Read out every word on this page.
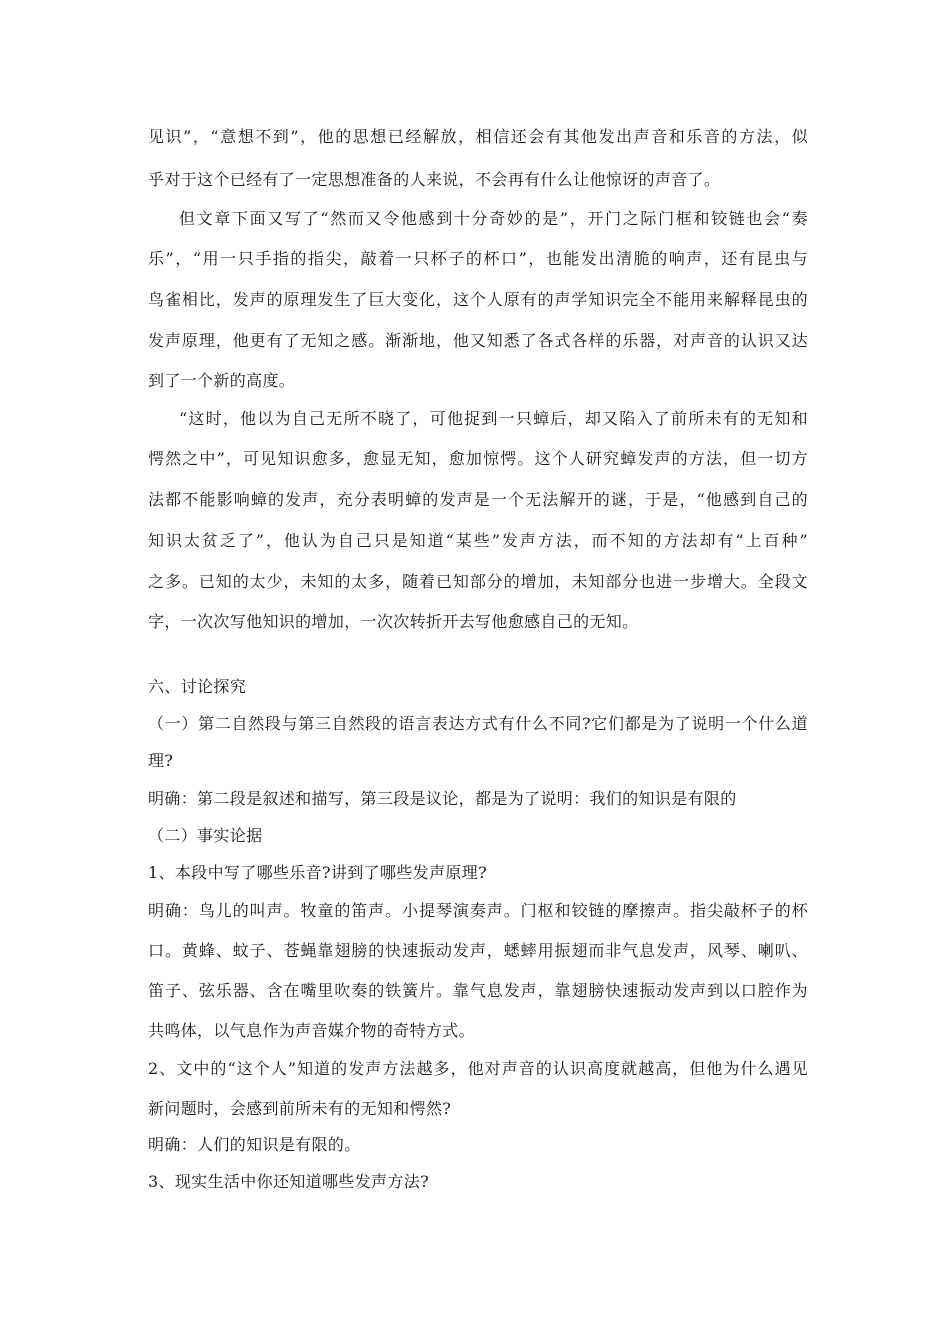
见识”，“意想不到”，他的思想已经解放，相信还会有其他发出声音和乐音的方法，似
乎对于这个已经有了一定思想准备的人来说，不会再有什么让他惊讶的声音了。
但文章下面又写了“然而又令他感到十分奇妙的是”，开门之际门框和铰链也会“奏
乐”，“用一只手指的指尖，敲着一只杯子的杯口”，也能发出清脆的响声，还有昆虫与
鸟雀相比，发声的原理发生了巨大变化，这个人原有的声学知识完全不能用来解释昆虫的
发声原理，他更有了无知之感。渐渐地，他又知悉了各式各样的乐器，对声音的认识又达
到了一个新的高度。
“这时，他以为自己无所不晓了，可他捉到一只蟑后，却又陷入了前所未有的无知和
愕然之中”，可见知识愈多，愈显无知，愈加惊愕。这个人研究蟑发声的方法，但一切方
法都不能影响蟑的发声，充分表明蟑的发声是一个无法解开的谜，于是，“他感到自己的
知识太贫乏了”，他认为自己只是知道“某些”发声方法，而不知的方法却有“上百种”
之多。已知的太少，未知的太多，随着已知部分的增加，未知部分也进一步增大。全段文
字，一次次写他知识的增加，一次次转折开去写他愈感自己的无知。
六、讨论探究
（一）第二自然段与第三自然段的语言表达方式有什么不同?它们都是为了说明一个什么道
理?
明确：第二段是叙述和描写，第三段是议论，都是为了说明：我们的知识是有限的
（二）事实论据
1、本段中写了哪些乐音?讲到了哪些发声原理?
明确：鸟儿的叫声。牧童的笛声。小提琴演奏声。门枢和铰链的摩擦声。指尖敲杯子的杯
口。黄蜂、蚊子、苍蝇靠翅膀的快速振动发声，蟋蟀用振翅而非气息发声，风琴、喇叭、
笛子、弦乐器、含在嘴里吹奏的铁簧片。靠气息发声，靠翅膀快速振动发声到以口腔作为
共鸣体，以气息作为声音媒介物的奇特方式。
2、文中的“这个人”知道的发声方法越多，他对声音的认识高度就越高，但他为什么遇见
新问题时，会感到前所未有的无知和愕然?
明确：人们的知识是有限的。
3、现实生活中你还知道哪些发声方法?
